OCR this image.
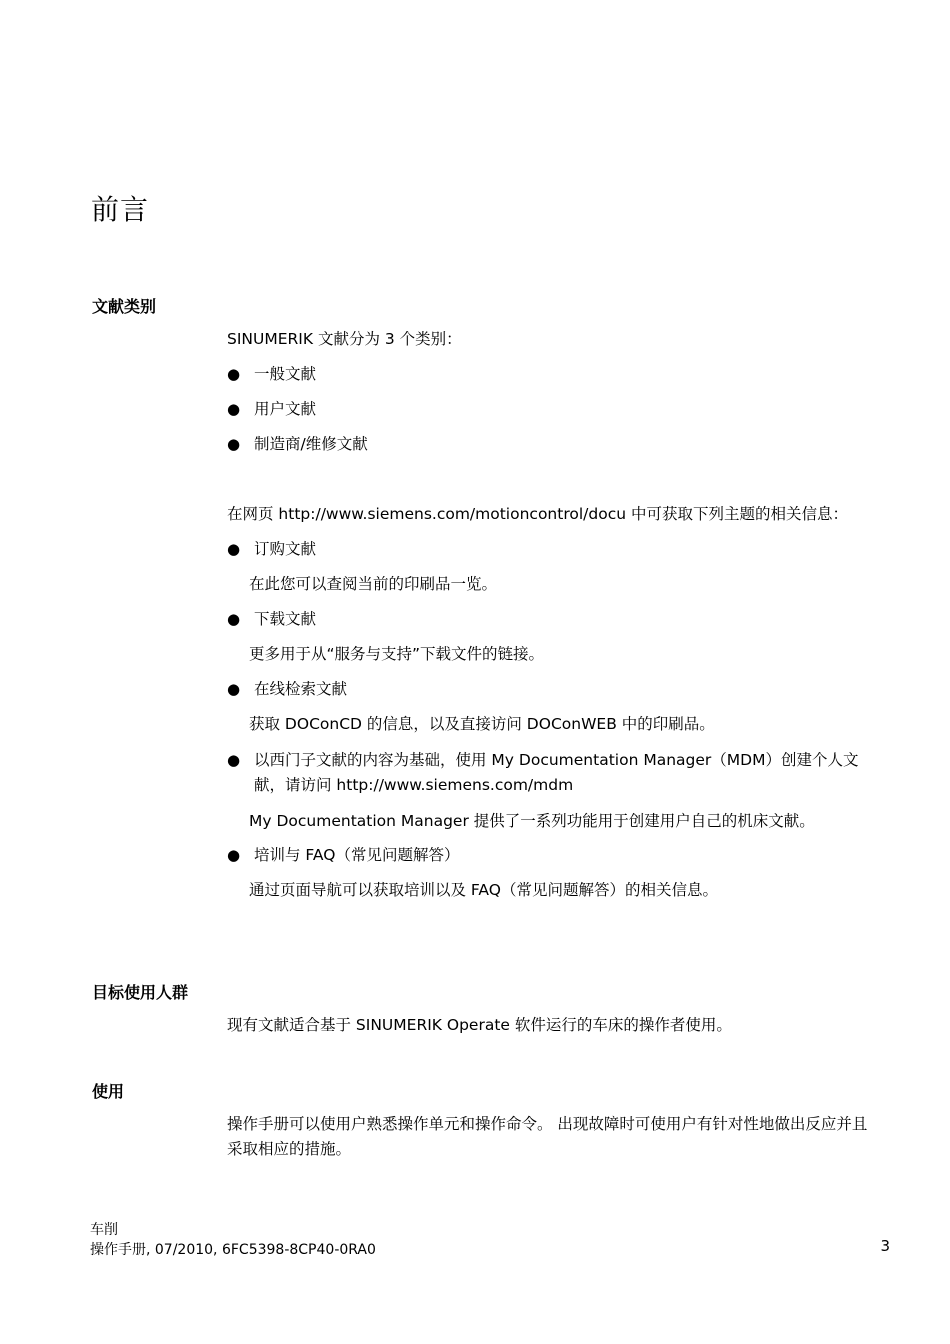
前言
文献类别
SINUMERIK 文献分为 3 个类别：
● 一般文献
● 用户文献
● 制造商/维修文献
在网页 http://www.siemens.com/motioncontrol/docu 中可获取下列主题的相关信息：
● 订购文献
在此您可以查阅当前的印刷品一览。
● 下载文献
更多用于从“服务与支持”下载文件的链接。
● 在线检索文献
获取 DOConCD 的信息，以及直接访问 DOConWEB 中的印刷品。
● 以西门子文献的内容为基础，使用 My Documentation Manager（MDM）创建个人文献，请访问 http://www.siemens.com/mdm
My Documentation Manager 提供了一系列功能用于创建用户自己的机床文献。
● 培训与 FAQ（常见问题解答）
通过页面导航可以获取培训以及 FAQ（常见问题解答）的相关信息。
目标使用人群
现有文献适合基于 SINUMERIK Operate 软件运行的车床的操作者使用。
使用
操作手册可以使用户熟悉操作单元和操作命令。 出现故障时可使用户有针对性地做出反应并且采取相应的措施。
车削
操作手册, 07/2010, 6FC5398-8CP40-0RA0	3
